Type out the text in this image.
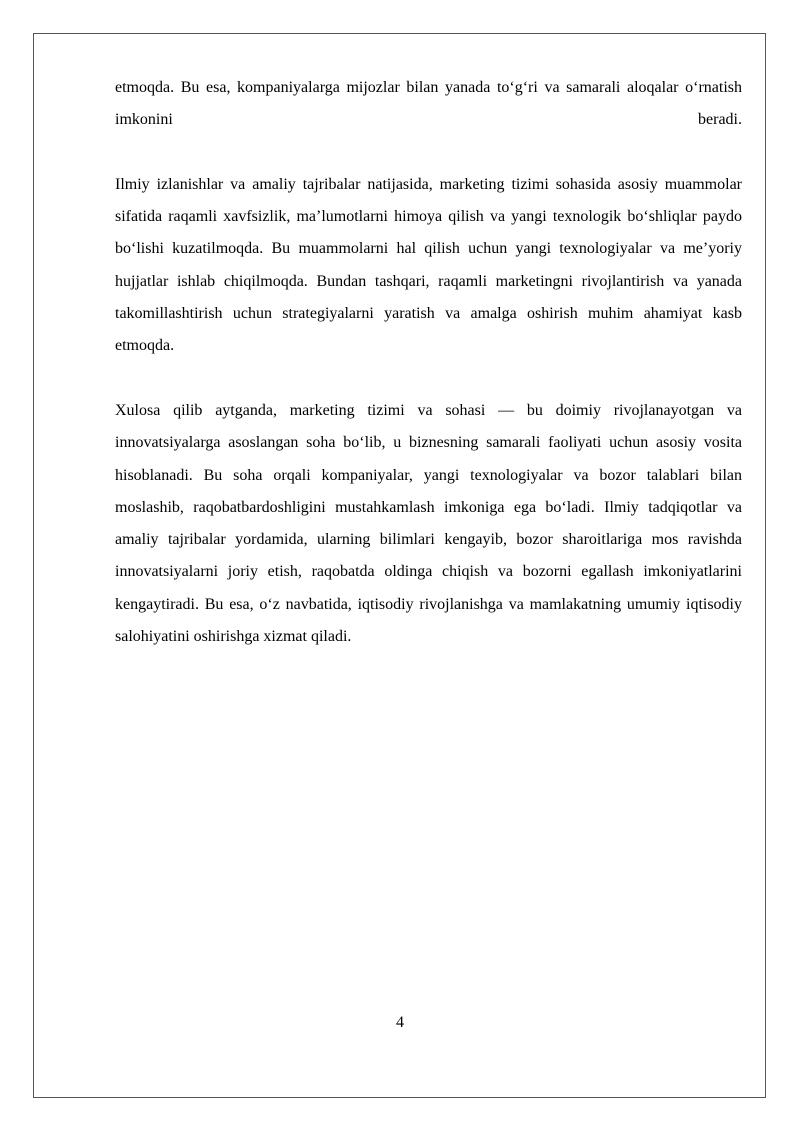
etmoqda. Bu esa, kompaniyalarga mijozlar bilan yanada to‘g‘ri va samarali aloqalar o‘rnatish imkonini beradi.

Ilmiy izlanishlar va amaliy tajribalar natijasida, marketing tizimi sohasida asosiy muammolar sifatida raqamli xavfsizlik, ma’lumotlarni himoya qilish va yangi texnologik bo‘shliqlar paydo bo‘lishi kuzatilmoqda. Bu muammolarni hal qilish uchun yangi texnologiyalar va me’yoriy hujjatlar ishlab chiqilmoqda. Bundan tashqari, raqamli marketingni rivojlantirish va yanada takomillashtirish uchun strategiyalarni yaratish va amalga oshirish muhim ahamiyat kasb etmoqda.

Xulosa qilib aytganda, marketing tizimi va sohasi — bu doimiy rivojlanayotgan va innovatsiyalarga asoslangan soha bo‘lib, u biznesning samarali faoliyati uchun asosiy vosita hisoblanadi. Bu soha orqali kompaniyalar, yangi texnologiyalar va bozor talablari bilan moslashib, raqobatbardoshligini mustahkamlash imkoniga ega bo‘ladi. Ilmiy tadqiqotlar va amaliy tajribalar yordamida, ularning bilimlari kengayib, bozor sharoitlariga mos ravishda innovatsiyalarni joriy etish, raqobatda oldinga chiqish va bozorni egallash imkoniyatlarini kengaytiradi. Bu esa, o‘z navbatida, iqtisodiy rivojlanishga va mamlakatning umumiy iqtisodiy salohiyatini oshirishga xizmat qiladi.

4
